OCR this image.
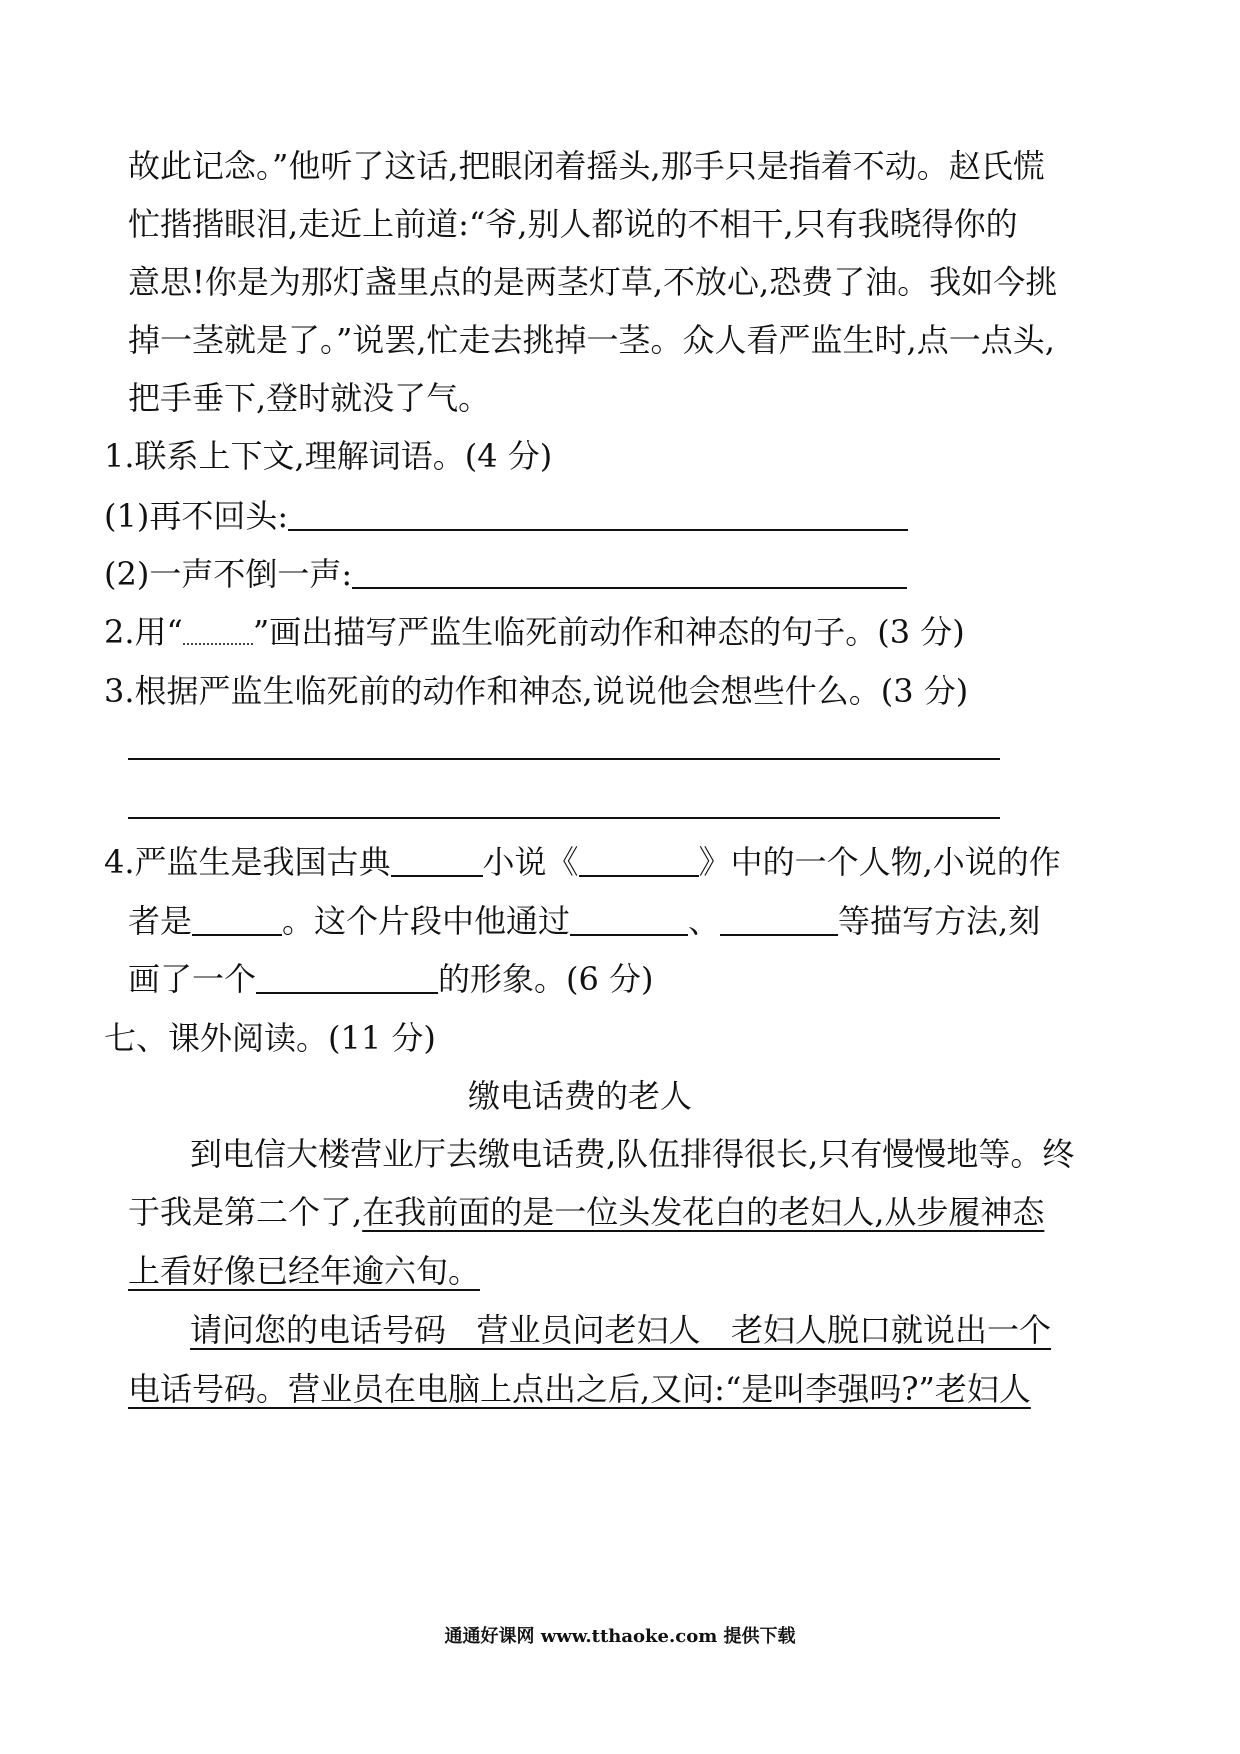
故此记念。”他听了这话,把眼闭着摇头,那手只是指着不动。赵氏慌
忙揩揩眼泪,走近上前道:“爷,别人都说的不相干,只有我晓得你的
意思!你是为那灯盏里点的是两茎灯草,不放心,恐费了油。我如今挑
掉一茎就是了。”说罢,忙走去挑掉一茎。众人看严监生时,点一点头,
把手垂下,登时就没了气。
1.联系上下文,理解词语。(4 分)
(1)再不回头:
(2)一声不倒一声:
2.用“ ”画出描写严监生临死前动作和神态的句子。(3 分)
3.根据严监生临死前的动作和神态,说说他会想些什么。(3 分)
4.严监生是我国古典	小说《	》中的一个人物,小说的作
者是	。这个片段中他通过	、	等描写方法,刻
画了一个	的形象。(6 分)
七、课外阅读。(11 分)
缴电话费的老人
到电信大楼营业厅去缴电话费,队伍排得很长,只有慢慢地等。终
于我是第二个了,在我前面的是一位头发花白的老妇人,从步履神态
上看好像已经年逾六旬。
请问您的电话号码   营业员问老妇人   老妇人脱口就说出一个
电话号码。营业员在电脑上点出之后,又问:“是叫李强吗?”老妇人
通通好课网 www.tthaoke.com 提供下载
